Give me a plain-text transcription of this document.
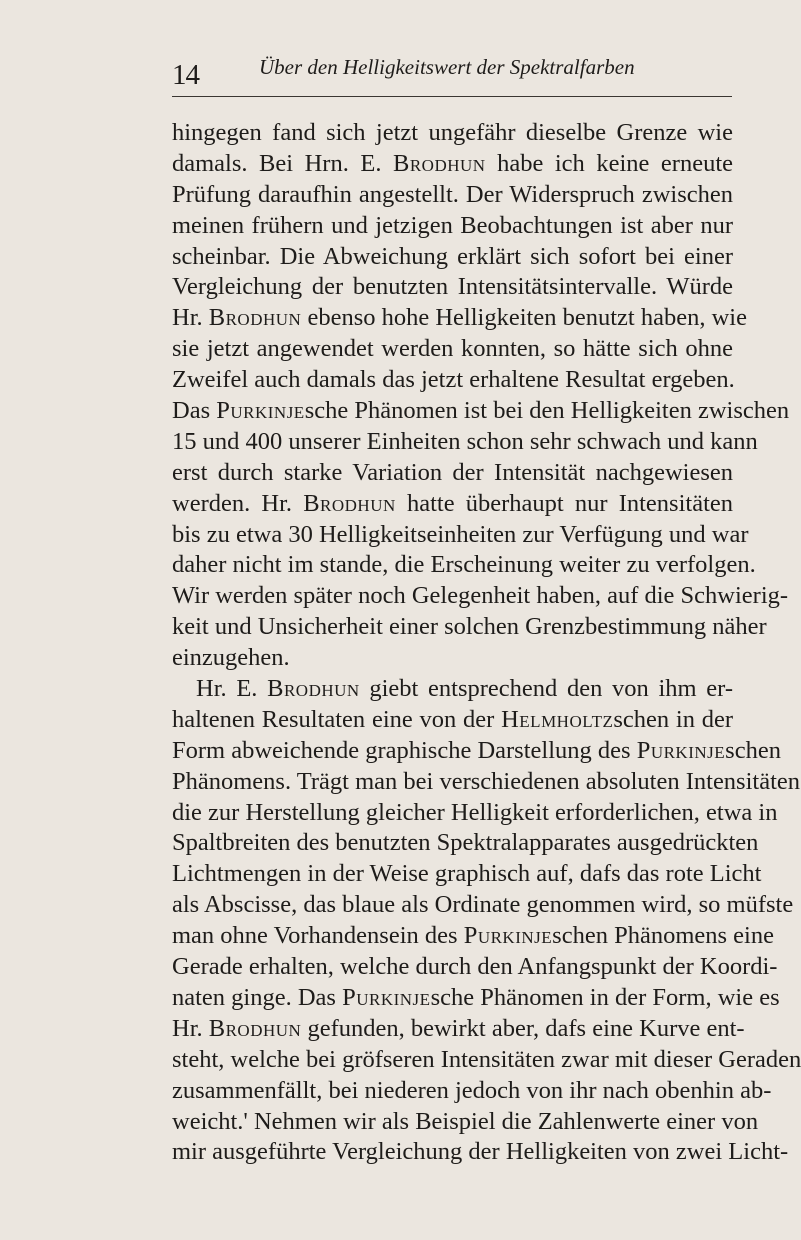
14	Über den Helligkeitswert der Spektralfarben
hingegen fand sich jetzt ungefähr dieselbe Grenze wie
damals. Bei Hrn. E. Brodhun habe ich keine erneute
Prüfung daraufhin angestellt. Der Widerspruch zwischen
meinen frühern und jetzigen Beobachtungen ist aber nur
scheinbar. Die Abweichung erklärt sich sofort bei einer
Vergleichung der benutzten Intensitätsintervalle. Würde
Hr. Brodhun ebenso hohe Helligkeiten benutzt haben, wie
sie jetzt angewendet werden konnten, so hätte sich ohne
Zweifel auch damals das jetzt erhaltene Resultat ergeben.
Das Purkinjesche Phänomen ist bei den Helligkeiten zwischen
15 und 400 unserer Einheiten schon sehr schwach und kann
erst durch starke Variation der Intensität nachgewiesen
werden. Hr. Brodhun hatte überhaupt nur Intensitäten
bis zu etwa 30 Helligkeitseinheiten zur Verfügung und war
daher nicht im stande, die Erscheinung weiter zu verfolgen.
Wir werden später noch Gelegenheit haben, auf die Schwierig-
keit und Unsicherheit einer solchen Grenzbestimmung näher
einzugehen.
Hr. E. Brodhun giebt entsprechend den von ihm er-
haltenen Resultaten eine von der Helmholtzschen in der
Form abweichende graphische Darstellung des Purkinjeschen
Phänomens. Trägt man bei verschiedenen absoluten Intensitäten
die zur Herstellung gleicher Helligkeit erforderlichen, etwa in
Spaltbreiten des benutzten Spektralapparates ausgedrückten
Lichtmengen in der Weise graphisch auf, dafs das rote Licht
als Abscisse, das blaue als Ordinate genommen wird, so müfste
man ohne Vorhandensein des Purkinjeschen Phänomens eine
Gerade erhalten, welche durch den Anfangspunkt der Koordi-
naten ginge. Das Purkinjesche Phänomen in der Form, wie es
Hr. Brodhun gefunden, bewirkt aber, dafs eine Kurve ent-
steht, welche bei gröfseren Intensitäten zwar mit dieser Geraden
zusammenfällt, bei niederen jedoch von ihr nach obenhin ab-
weicht.' Nehmen wir als Beispiel die Zahlenwerte einer von
mir ausgeführte Vergleichung der Helligkeiten von zwei Licht-
